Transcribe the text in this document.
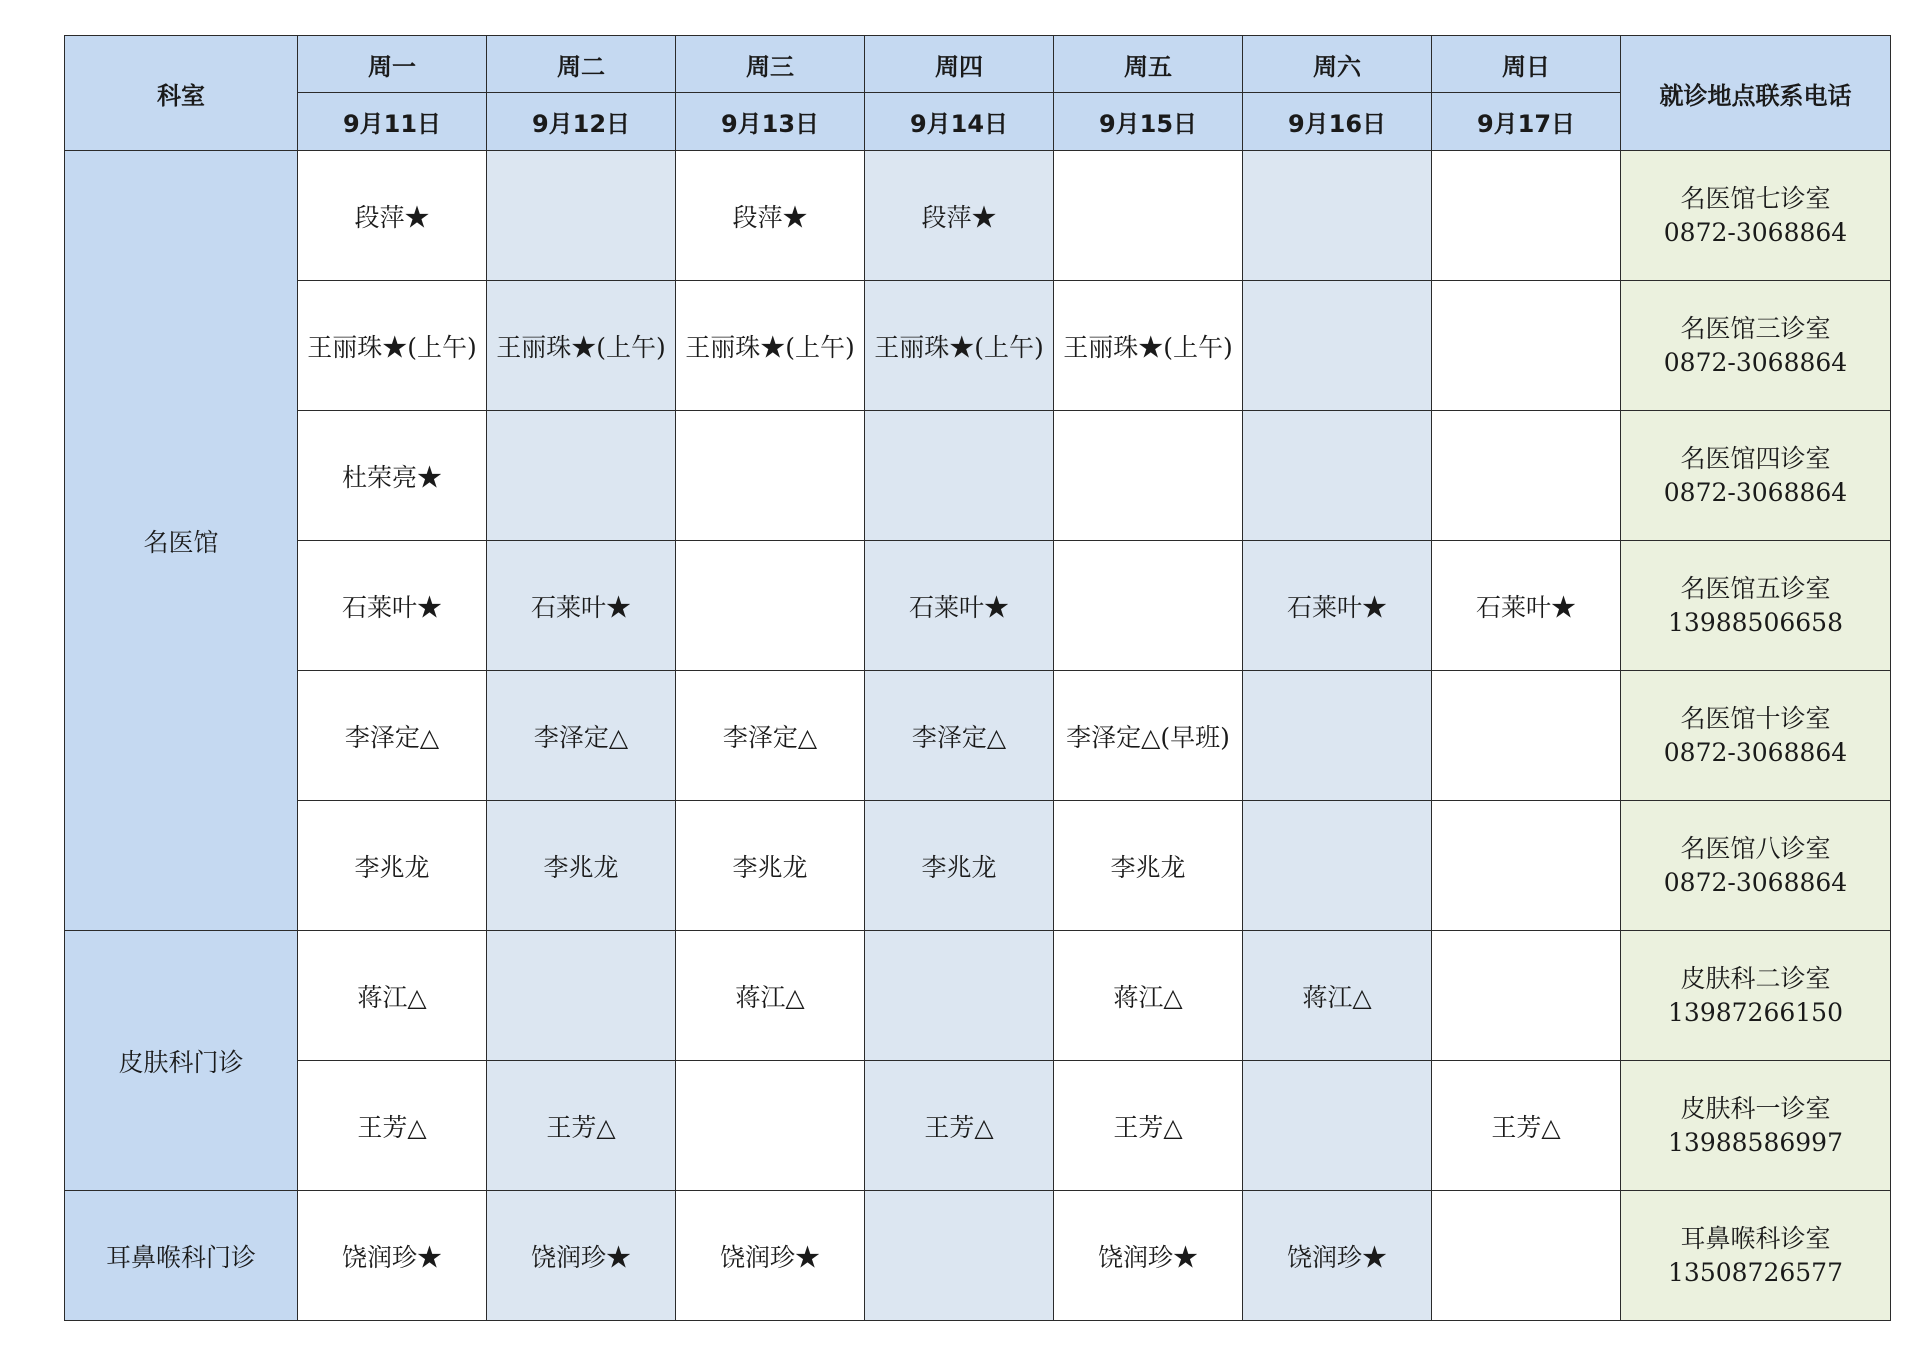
科室	周一	周二	周三	周四	周五	周六	周日	就诊地点联系电话
	9月11日	9月12日	9月13日	9月14日	9月15日	9月16日	9月17日	
名医馆	段萍★		段萍★	段萍★				名医馆七诊室
0872-3068864

	王丽珠★(上午)	王丽珠★(上午)	王丽珠★(上午)	王丽珠★(上午)	王丽珠★(上午)			名医馆三诊室
0872-3068864

	杜荣亮★							名医馆四诊室
0872-3068864

	石莱叶★	石莱叶★		石莱叶★		石莱叶★	石莱叶★	名医馆五诊室
13988506658

	李泽定△	李泽定△	李泽定△	李泽定△	李泽定△(早班)			名医馆十诊室
0872-3068864

	李兆龙	李兆龙	李兆龙	李兆龙	李兆龙			名医馆八诊室
0872-3068864

皮肤科门诊	蒋江△		蒋江△		蒋江△	蒋江△		皮肤科二诊室
13987266150

	王芳△	王芳△		王芳△	王芳△		王芳△	皮肤科一诊室
13988586997

耳鼻喉科门诊	饶润珍★	饶润珍★	饶润珍★		饶润珍★	饶润珍★		耳鼻喉科诊室
13508726577
